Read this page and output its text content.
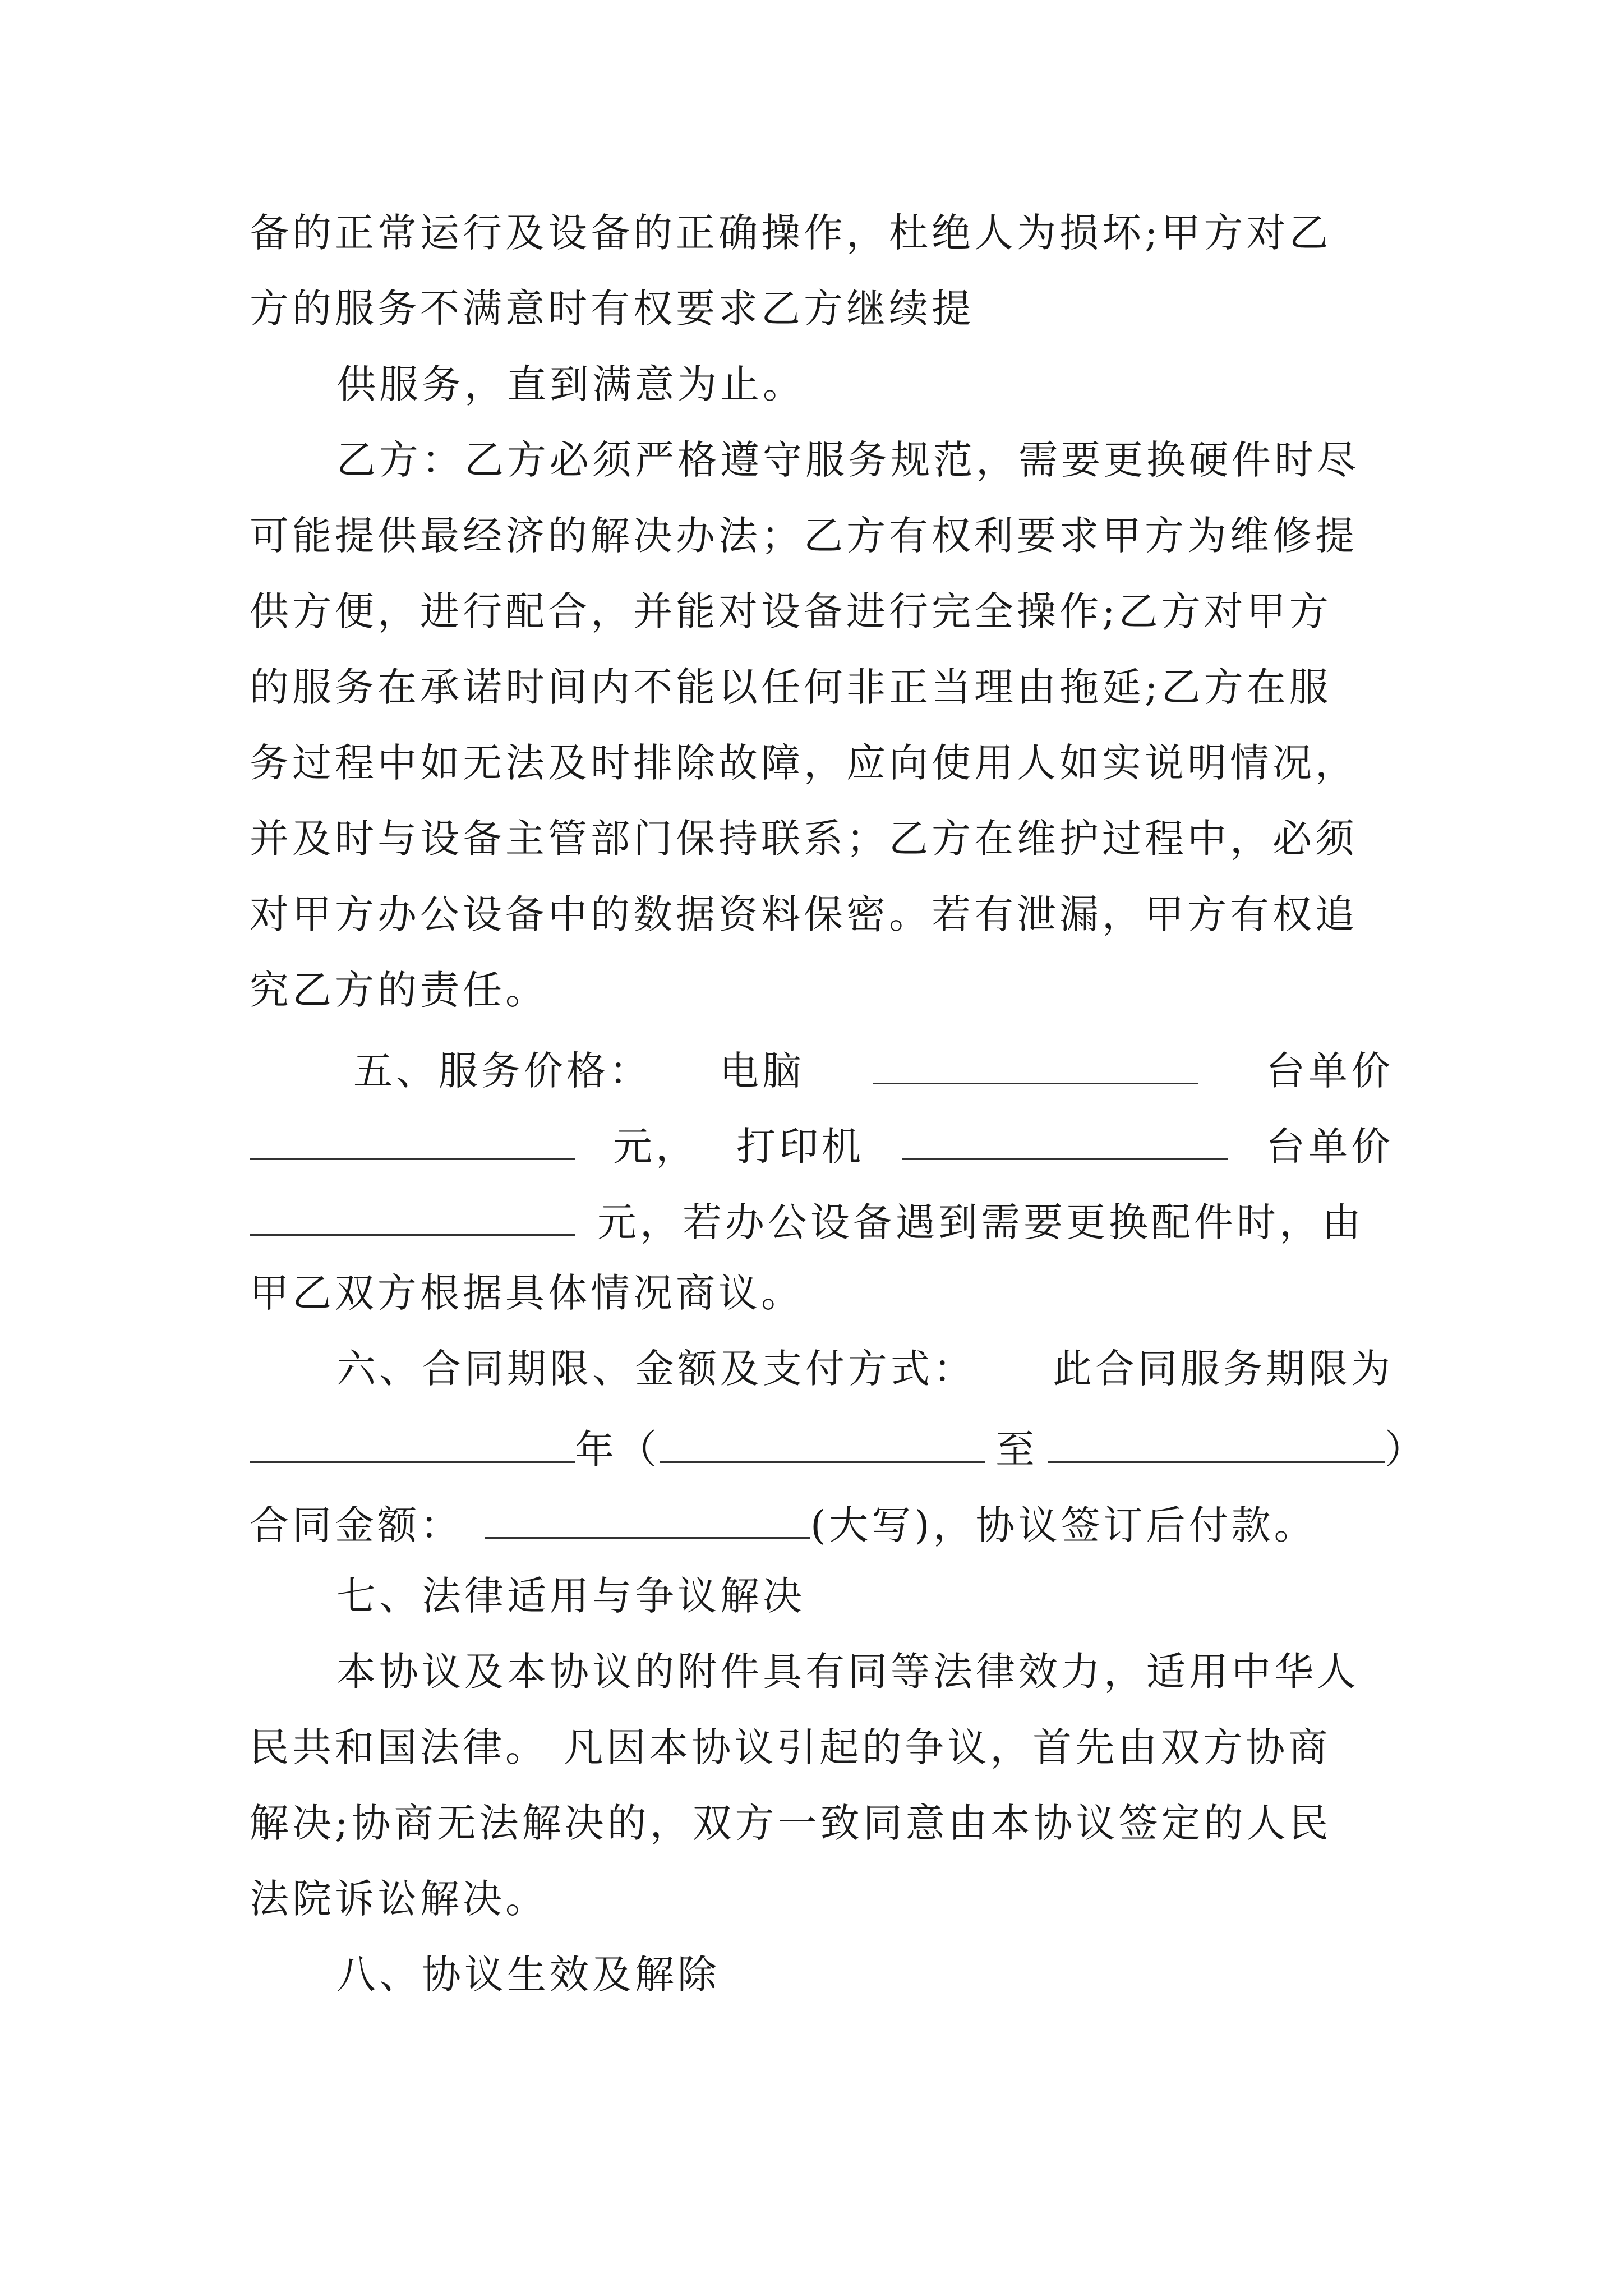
备的正常运行及设备的正确操作，杜绝人为损坏;甲方对乙
方的服务不满意时有权要求乙方继续提
供服务，直到满意为止。
乙方：乙方必须严格遵守服务规范，需要更换硬件时尽
可能提供最经济的解决办法；乙方有权利要求甲方为维修提
供方便，进行配合，并能对设备进行完全操作;乙方对甲方
的服务在承诺时间内不能以任何非正当理由拖延;乙方在服
务过程中如无法及时排除故障，应向使用人如实说明情况，
并及时与设备主管部门保持联系；乙方在维护过程中，必须
对甲方办公设备中的数据资料保密。若有泄漏，甲方有权追
究乙方的责任。
五、服务价格： 电脑	台单价
元， 打印机	台单价
元，若办公设备遇到需要更换配件时，由
甲乙双方根据具体情况商议。
六、合同期限、金额及支付方式： 此合同服务期限为
年（	至	）
合同金额：	(大写)，协议签订后付款。
七、法律适用与争议解决
本协议及本协议的附件具有同等法律效力，适用中华人
民共和国法律。 凡因本协议引起的争议，首先由双方协商
解决;协商无法解决的，双方一致同意由本协议签定的人民
法院诉讼解决。
八、协议生效及解除
